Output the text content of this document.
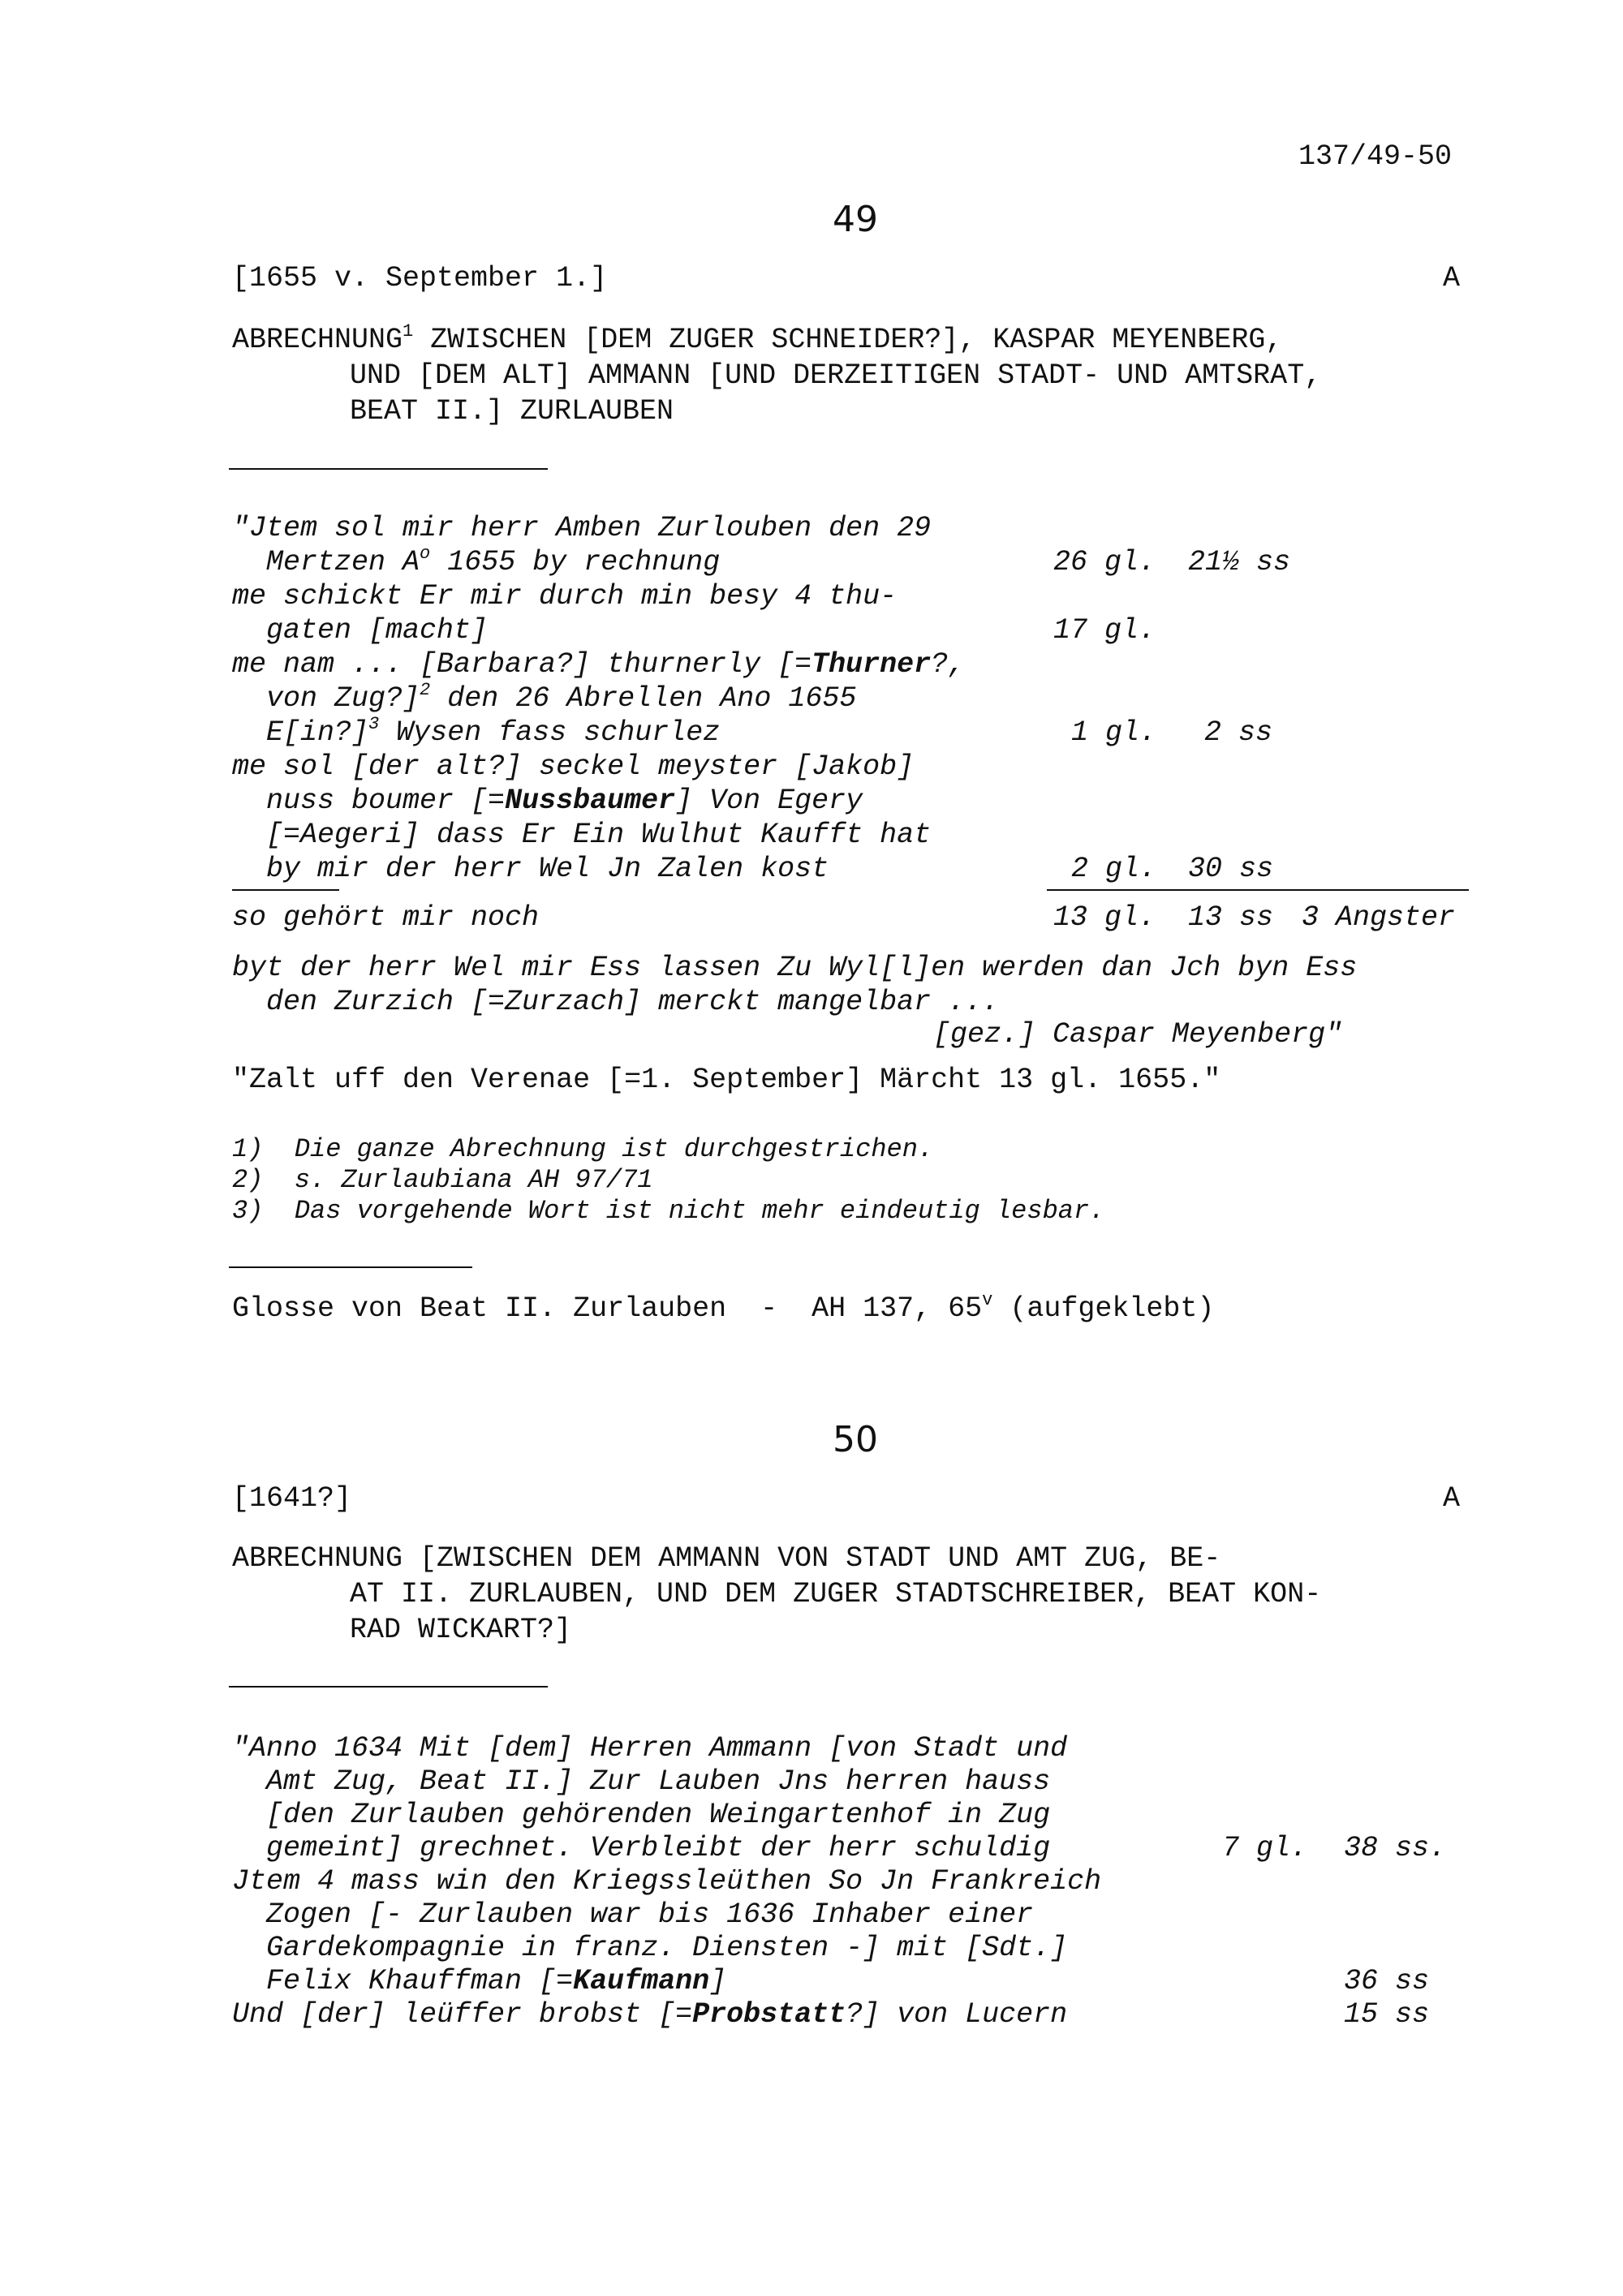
137/49-50
49
[1655 v. September 1.]	A
ABRECHNUNG$^1$ ZWISCHEN [DEM ZUGER SCHNEIDER?], KASPAR MEYENBERG,
UND [DEM ALT] AMMANN [UND DERZEITIGEN STADT- UND AMTSRAT,
BEAT II.] ZURLAUBEN
"Jtem sol mir herr Amben Zurlouben den 29
Mertzen $A^o$ 1655 by rechnung	26 gl. 21½ ss
me schickt Er mir durch min besy 4 thu-
gaten [macht]	17 gl.
me nam ... [Barbara?] thurnerly [=Thurner?,
von Zug?]$^2$ den 26 Abrellen Ano 1655
E[in?]$^3$ Wysen fass schurlez	1 gl. 2 ss
me sol [der alt?] seckel meyster [Jakob]
nuss boumer [=Nussbaumer] Von Egery
[=Aegeri] dass Er Ein Wulhut Kaufft hat
by mir der herr Wel Jn Zalen kost	2 gl. 30 ss
so gehört mir noch	13 gl. 13 ss 3 Angster
byt der herr Wel mir Ess lassen Zu Wyl[l]en werden dan Jch byn Ess
den Zurzich [=Zurzach] merckt mangelbar ...
[gez.] Caspar Meyenberg"
"Zalt uff den Verenae [=1. September] Märcht 13 gl. 1655."
1)  Die ganze Abrechnung ist durchgestrichen.
2)  s. Zurlaubiana AH 97/71
3)  Das vorgehende Wort ist nicht mehr eindeutig lesbar.
Glosse von Beat II. Zurlauben  -  AH 137, 65$^v$ (aufgeklebt)
50
[1641?]	A
ABRECHNUNG [ZWISCHEN DEM AMMANN VON STADT UND AMT ZUG, BE-
AT II. ZURLAUBEN, UND DEM ZUGER STADTSCHREIBER, BEAT KON-
RAD WICKART?]
"Anno 1634 Mit [dem] Herren Ammann [von Stadt und
Amt Zug, Beat II.] Zur Lauben Jns herren hauss
[den Zurlauben gehörenden Weingartenhof in Zug
gemeint] grechnet. Verbleibt der herr schuldig	7 gl. 38 ss.
Jtem 4 mass win den Kriegssleüthen So Jn Frankreich
Zogen [- Zurlauben war bis 1636 Inhaber einer
Gardekompagnie in franz. Diensten -] mit [Sdt.]
Felix Khauffman [=Kaufmann]	36 ss
Und [der] leüffer brobst [=Probstatt?] von Lucern	15 ss
